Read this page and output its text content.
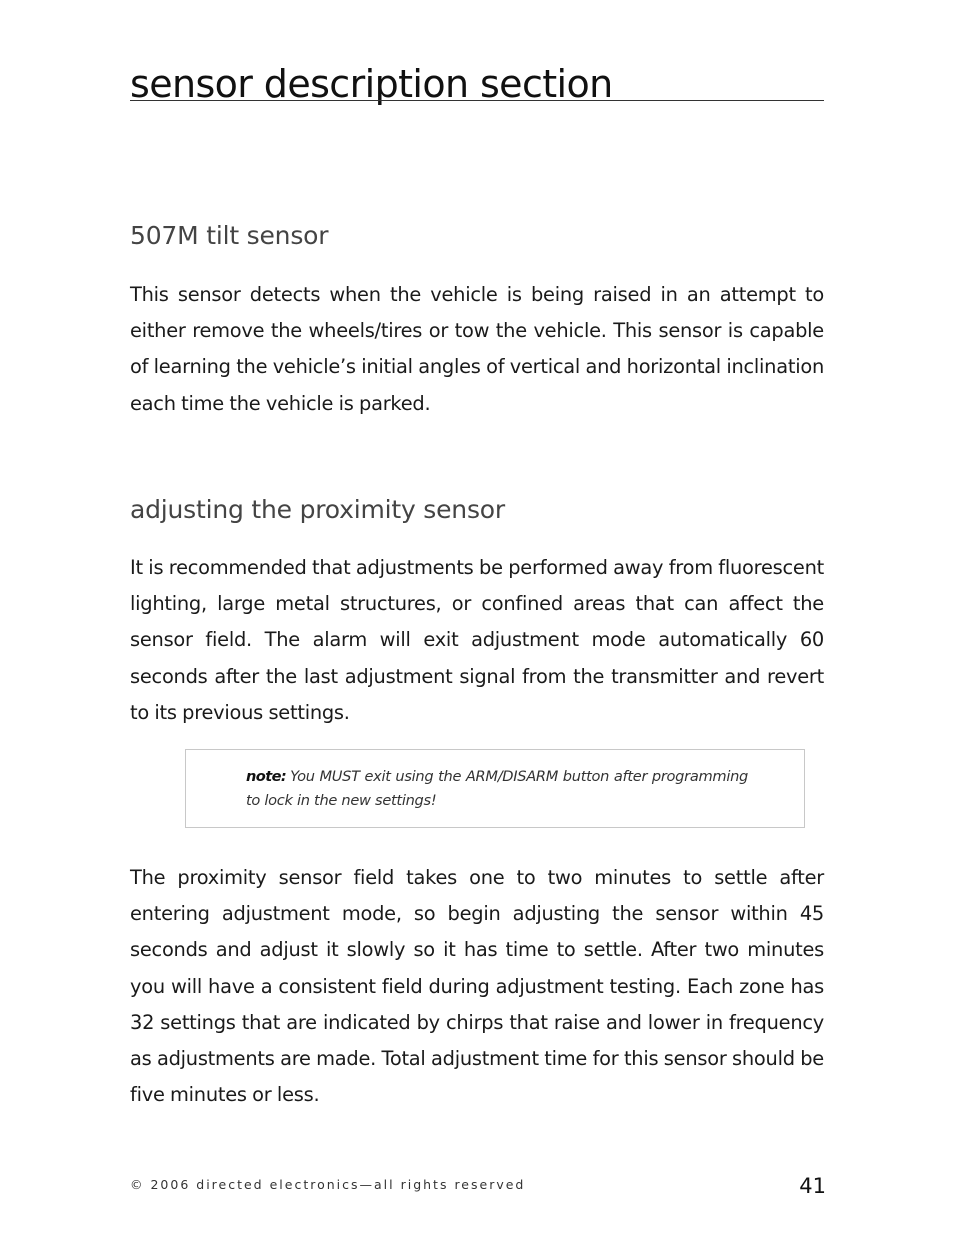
sensor description section
507M tilt sensor

This sensor detects when the vehicle is being raised in an attempt to either remove the wheels/tires or tow the vehicle. This sensor is capable of learning the vehicle’s initial angles of vertical and horizontal inclination each time the vehicle is parked.

adjusting the proximity sensor

It is recommended that adjustments be performed away from fluorescent lighting, large metal structures, or confined areas that can affect the sensor field. The alarm will exit adjustment mode automatically 60 seconds after the last adjustment signal from the transmitter and revert to its previous settings.

note: You MUST exit using the ARM/DISARM button after programming to lock in the new settings!

The proximity sensor field takes one to two minutes to settle after entering adjustment mode, so begin adjusting the sensor within 45 seconds and adjust it slowly so it has time to settle. After two minutes you will have a consistent field during adjustment testing. Each zone has 32 settings that are indicated by chirps that raise and lower in frequency as adjustments are made. Total adjustment time for this sensor should be five minutes or less.

© 2006 directed electronics—all rights reserved	41
